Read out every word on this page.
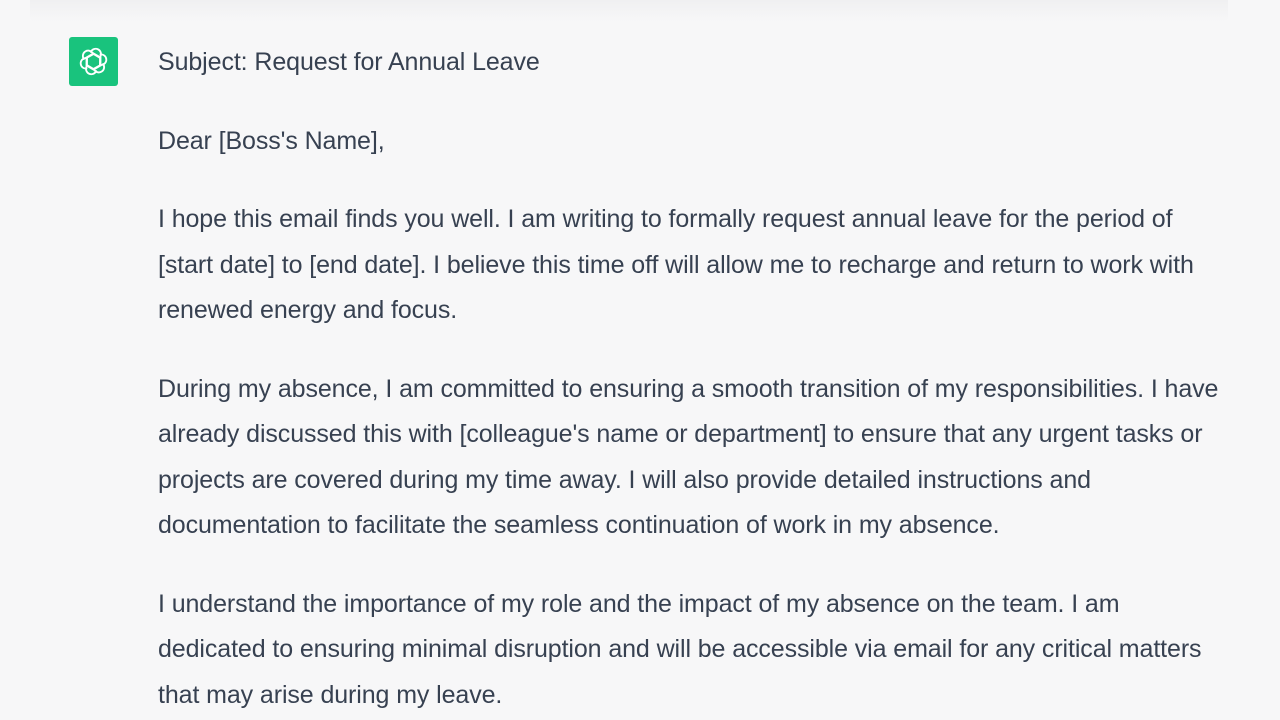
Subject: Request for Annual Leave

Dear [Boss's Name],

I hope this email finds you well. I am writing to formally request annual leave for the period of [start date] to [end date]. I believe this time off will allow me to recharge and return to work with renewed energy and focus.

During my absence, I am committed to ensuring a smooth transition of my responsibilities. I have already discussed this with [colleague's name or department] to ensure that any urgent tasks or projects are covered during my time away. I will also provide detailed instructions and documentation to facilitate the seamless continuation of work in my absence.

I understand the importance of my role and the impact of my absence on the team. I am dedicated to ensuring minimal disruption and will be accessible via email for any critical matters that may arise during my leave.
